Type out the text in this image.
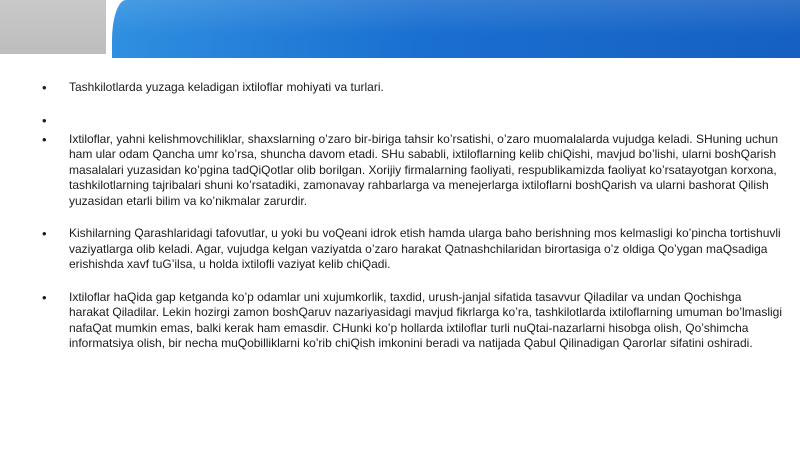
• Tashkilotlarda yuzaga keladigan ixtiloflar mohiyati va turlari.

•

• Ixtiloflar, yahni kelishmovchiliklar, shaxslarning o’zaro bir-biriga tahsir ko’rsatishi, o’zaro muomalalarda vujudga keladi. SHuning uchun ham ular odam Qancha umr ko’rsa, shuncha davom etadi. SHu sababli, ixtiloflarning kelib chiQishi, mavjud bo’lishi, ularni boshQarish masalalari yuzasidan ko’pgina tadQiQotlar olib borilgan. Xorijiy firmalarning faoliyati, respublikamizda faoliyat ko’rsatayotgan korxona, tashkilotlarning tajribalari shuni ko’rsatadiki, zamonavay rahbarlarga va menejerlarga ixtiloflarni boshQarish va ularni bashorat Qilish yuzasidan etarli bilim va ko’nikmalar zarurdir.

• Kishilarning Qarashlaridagi tafovutlar, u yoki bu voQeani idrok etish hamda ularga baho berishning mos kelmasligi ko’pincha tortishuvli vaziyatlarga olib keladi. Agar, vujudga kelgan vaziyatda o’zaro harakat Qatnashchilaridan birortasiga o’z oldiga Qo’ygan maQsadiga erishishda xavf tuG’ilsa, u holda ixtilofli vaziyat kelib chiQadi.

• Ixtiloflar haQida gap ketganda ko’p odamlar uni xujumkorlik, taxdid, urush-janjal sifatida tasavvur Qiladilar va undan Qochishga harakat Qiladilar. Lekin hozirgi zamon boshQaruv nazariyasidagi mavjud fikrlarga ko’ra, tashkilotlarda ixtiloflarning umuman bo’lmasligi nafaQat mumkin emas, balki kerak ham emasdir. CHunki ko’p hollarda ixtiloflar turli nuQtai-nazarlarni hisobga olish, Qo’shimcha informatsiya olish, bir necha muQobilliklarni ko’rib chiQish imkonini beradi va natijada Qabul Qilinadigan Qarorlar sifatini oshiradi.
